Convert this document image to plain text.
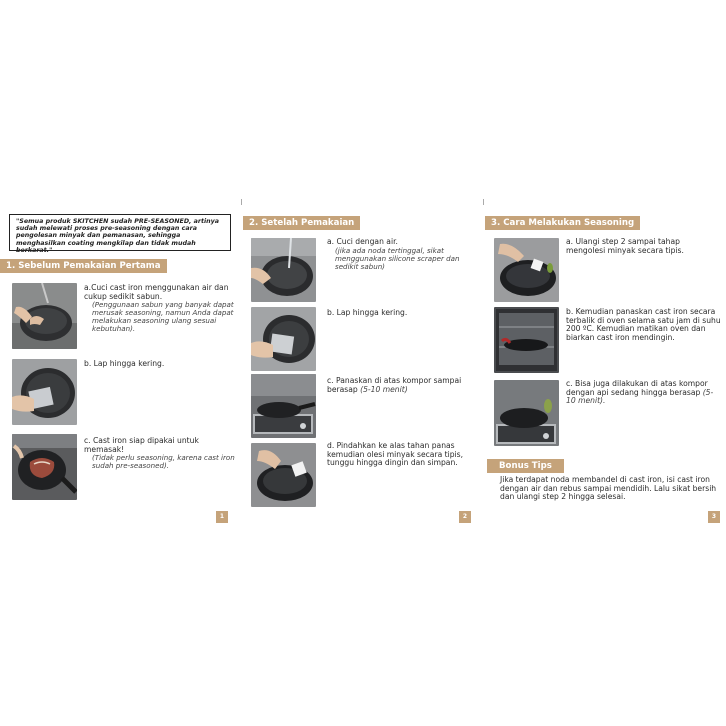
"Semua produk SKITCHEN sudah PRE-SEASONED, artinya sudah melewati proses pre-seasoning dengan cara pengolesan minyak dan pemanasan, sehingga menghasilkan coating mengkilap dan tidak mudah berkarat."
1. Sebelum Pemakaian Pertama
a.Cuci cast iron menggunakan air dan cukup sedikit sabun.
(Penggunaan sabun yang banyak dapat merusak seasoning, namun Anda dapat melakukan seasoning ulang sesuai kebutuhan).
b. Lap hingga kering.
c. Cast iron siap dipakai untuk memasak!
(Tidak perlu seasoning, karena cast iron sudah pre-seasoned).
1
2. Setelah Pemakaian
a. Cuci dengan air.
(jika ada noda tertinggal, sikat menggunakan silicone scraper dan sedikit sabun)
b. Lap hingga kering.
c. Panaskan di atas kompor sampai berasap (5-10 menit)
d. Pindahkan ke alas tahan panas kemudian olesi minyak secara tipis, tunggu hingga dingin dan simpan.
2
3. Cara Melakukan Seasoning
a. Ulangi step 2 sampai tahap mengolesi minyak secara tipis.
b. Kemudian panaskan cast iron secara terbalik di oven selama satu jam di suhu 200 ºC. Kemudian matikan oven dan biarkan cast iron mendingin.
c. Bisa juga dilakukan di atas kompor dengan api sedang hingga berasap (5-10 menit).
Bonus Tips
Jika terdapat noda membandel di cast iron, isi cast iron dengan air dan rebus sampai mendidih. Lalu sikat bersih dan ulangi step 2 hingga selesai.
3
